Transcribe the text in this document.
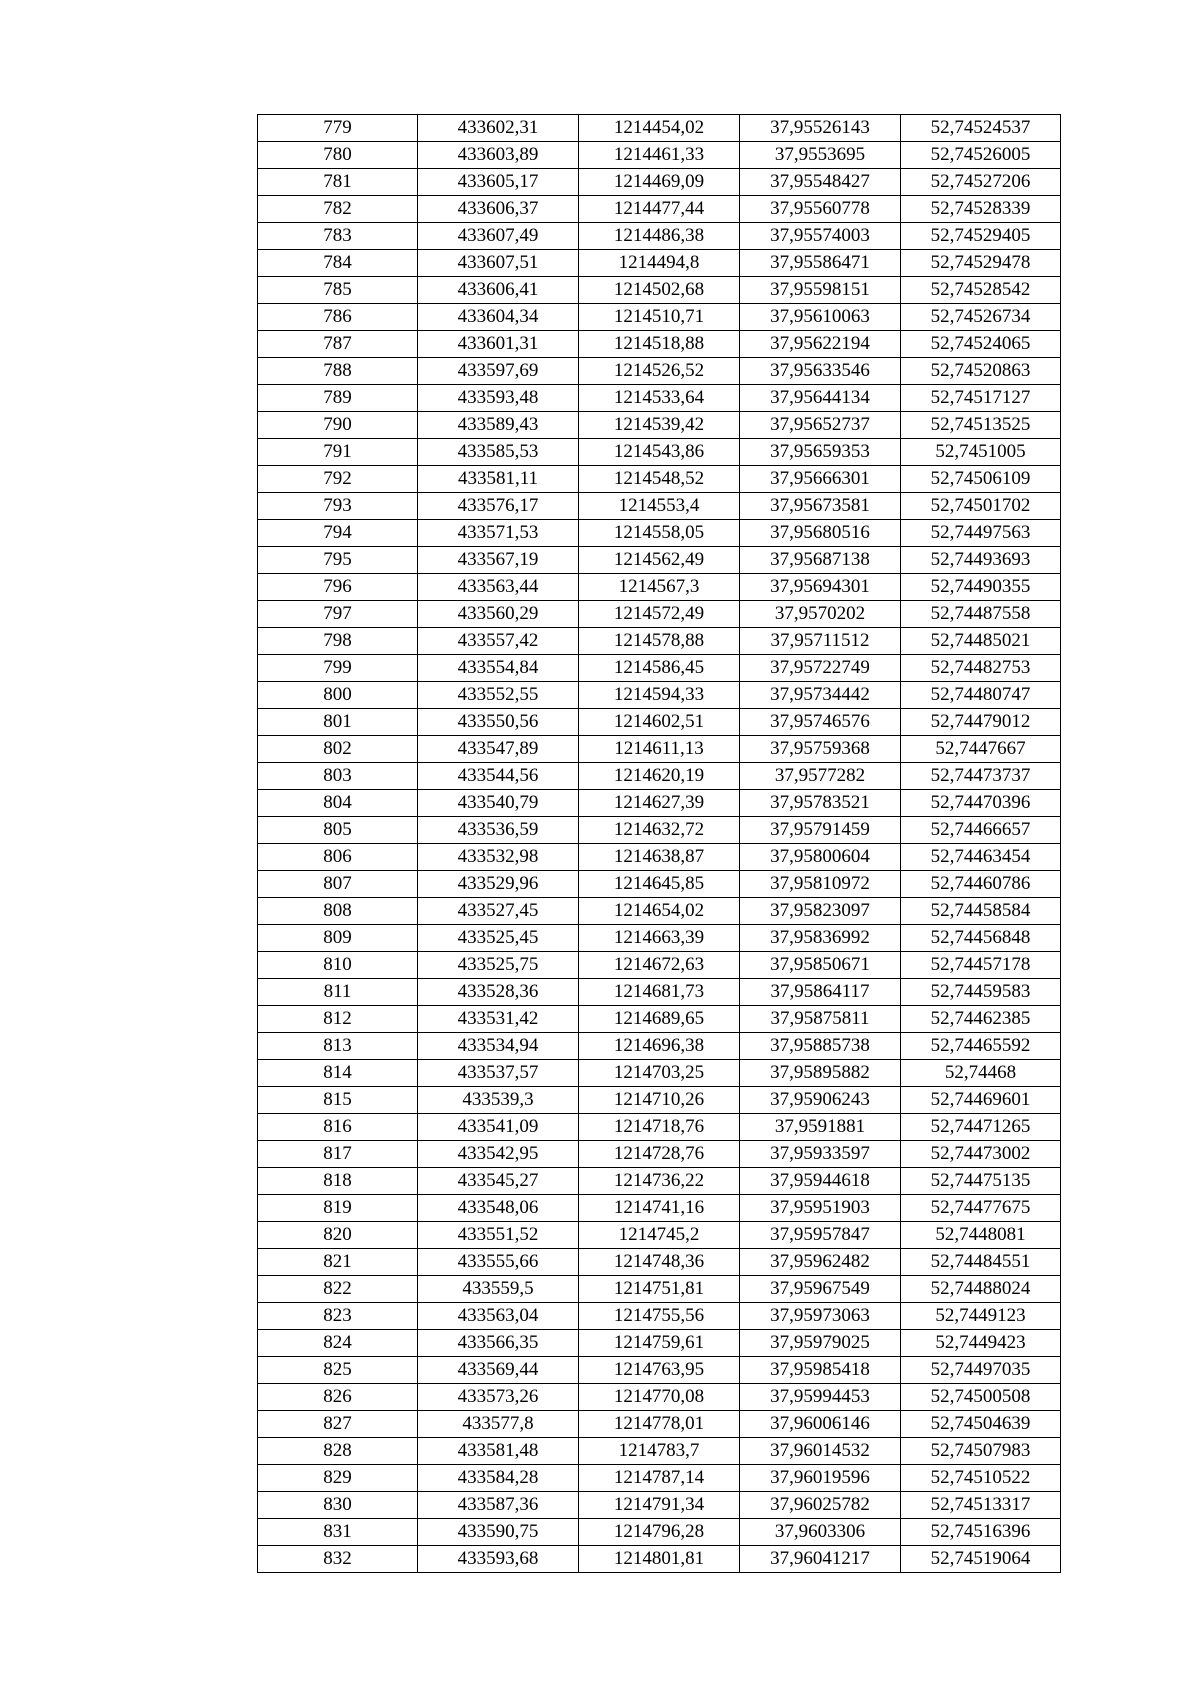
779	433602,31	1214454,02	37,95526143	52,74524537
780	433603,89	1214461,33	37,9553695	52,74526005
781	433605,17	1214469,09	37,95548427	52,74527206
782	433606,37	1214477,44	37,95560778	52,74528339
783	433607,49	1214486,38	37,95574003	52,74529405
784	433607,51	1214494,8	37,95586471	52,74529478
785	433606,41	1214502,68	37,95598151	52,74528542
786	433604,34	1214510,71	37,95610063	52,74526734
787	433601,31	1214518,88	37,95622194	52,74524065
788	433597,69	1214526,52	37,95633546	52,74520863
789	433593,48	1214533,64	37,95644134	52,74517127
790	433589,43	1214539,42	37,95652737	52,74513525
791	433585,53	1214543,86	37,95659353	52,7451005
792	433581,11	1214548,52	37,95666301	52,74506109
793	433576,17	1214553,4	37,95673581	52,74501702
794	433571,53	1214558,05	37,95680516	52,74497563
795	433567,19	1214562,49	37,95687138	52,74493693
796	433563,44	1214567,3	37,95694301	52,74490355
797	433560,29	1214572,49	37,9570202	52,74487558
798	433557,42	1214578,88	37,95711512	52,74485021
799	433554,84	1214586,45	37,95722749	52,74482753
800	433552,55	1214594,33	37,95734442	52,74480747
801	433550,56	1214602,51	37,95746576	52,74479012
802	433547,89	1214611,13	37,95759368	52,7447667
803	433544,56	1214620,19	37,9577282	52,74473737
804	433540,79	1214627,39	37,95783521	52,74470396
805	433536,59	1214632,72	37,95791459	52,74466657
806	433532,98	1214638,87	37,95800604	52,74463454
807	433529,96	1214645,85	37,95810972	52,74460786
808	433527,45	1214654,02	37,95823097	52,74458584
809	433525,45	1214663,39	37,95836992	52,74456848
810	433525,75	1214672,63	37,95850671	52,74457178
811	433528,36	1214681,73	37,95864117	52,74459583
812	433531,42	1214689,65	37,95875811	52,74462385
813	433534,94	1214696,38	37,95885738	52,74465592
814	433537,57	1214703,25	37,95895882	52,74468
815	433539,3	1214710,26	37,95906243	52,74469601
816	433541,09	1214718,76	37,9591881	52,74471265
817	433542,95	1214728,76	37,95933597	52,74473002
818	433545,27	1214736,22	37,95944618	52,74475135
819	433548,06	1214741,16	37,95951903	52,74477675
820	433551,52	1214745,2	37,95957847	52,7448081
821	433555,66	1214748,36	37,95962482	52,74484551
822	433559,5	1214751,81	37,95967549	52,74488024
823	433563,04	1214755,56	37,95973063	52,7449123
824	433566,35	1214759,61	37,95979025	52,7449423
825	433569,44	1214763,95	37,95985418	52,74497035
826	433573,26	1214770,08	37,95994453	52,74500508
827	433577,8	1214778,01	37,96006146	52,74504639
828	433581,48	1214783,7	37,96014532	52,74507983
829	433584,28	1214787,14	37,96019596	52,74510522
830	433587,36	1214791,34	37,96025782	52,74513317
831	433590,75	1214796,28	37,9603306	52,74516396
832	433593,68	1214801,81	37,96041217	52,74519064
